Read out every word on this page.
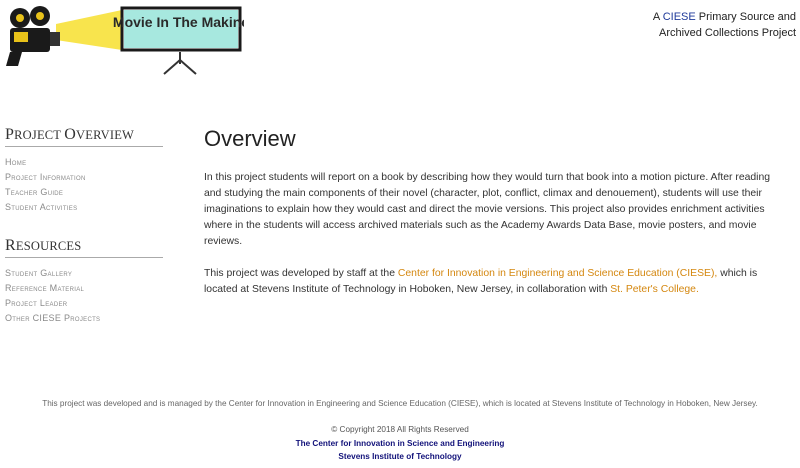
Movie In The Makine	A CIESE Primary Source and
Archived Collections Project
PROJECT OVERVIEW
Home
Project Information
Teacher Guide
Student Activities
RESOURCES
Student Gallery
Reference Material
Project Leader
Other CIESE Projects
Overview

In this project students will report on a book by describing how they would turn that book into a motion picture. After reading and studying the main components of their novel (character, plot, conflict, climax and denouement), students will use their imaginations to explain how they would cast and direct the movie versions. This project also provides enrichment activities where in the students will access archived materials such as the Academy Awards Data Base, movie posters, and movie reviews.

This project was developed by staff at the Center for Innovation in Engineering and Science Education (CIESE), which is located at Stevens Institute of Technology in Hoboken, New Jersey, in collaboration with St. Peter's College.

This project was developed and is managed by the Center for Innovation in Engineering and Science Education (CIESE), which is located at Stevens Institute of Technology in Hoboken, New Jersey.
© Copyright 2018 All Rights Reserved
The Center for Innovation in Science and Engineering
Stevens Institute of Technology
